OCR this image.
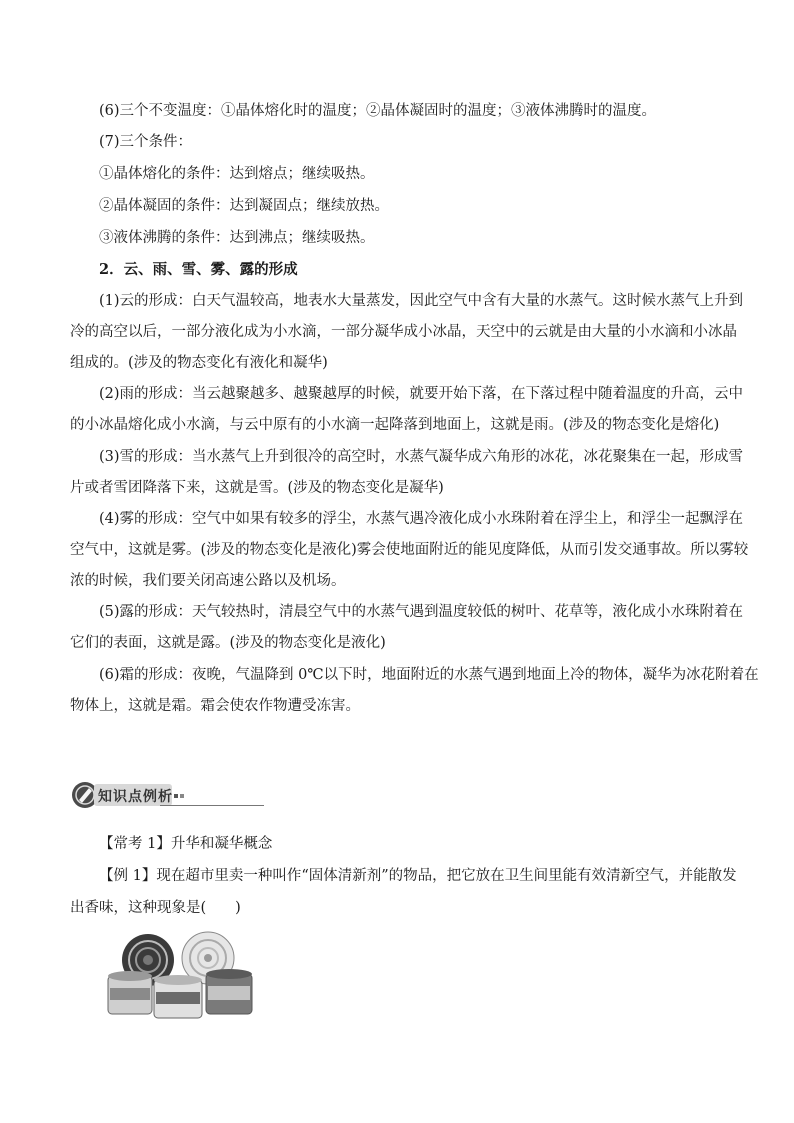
(6)三个不变温度：①晶体熔化时的温度；②晶体凝固时的温度；③液体沸腾时的温度。
(7)三个条件：
①晶体熔化的条件：达到熔点；继续吸热。
②晶体凝固的条件：达到凝固点；继续放热。
③液体沸腾的条件：达到沸点；继续吸热。
2．云、雨、雪、雾、露的形成
(1)云的形成：白天气温较高，地表水大量蒸发，因此空气中含有大量的水蒸气。这时候水蒸气上升到
冷的高空以后，一部分液化成为小水滴，一部分凝华成小冰晶，天空中的云就是由大量的小水滴和小冰晶
组成的。(涉及的物态变化有液化和凝华)
(2)雨的形成：当云越聚越多、越聚越厚的时候，就要开始下落，在下落过程中随着温度的升高，云中
的小冰晶熔化成小水滴，与云中原有的小水滴一起降落到地面上，这就是雨。(涉及的物态变化是熔化)
(3)雪的形成：当水蒸气上升到很冷的高空时，水蒸气凝华成六角形的冰花，冰花聚集在一起，形成雪
片或者雪团降落下来，这就是雪。(涉及的物态变化是凝华)
(4)雾的形成：空气中如果有较多的浮尘，水蒸气遇冷液化成小水珠附着在浮尘上，和浮尘一起飘浮在
空气中，这就是雾。(涉及的物态变化是液化)雾会使地面附近的能见度降低，从而引发交通事故。所以雾较
浓的时候，我们要关闭高速公路以及机场。
(5)露的形成：天气较热时，清晨空气中的水蒸气遇到温度较低的树叶、花草等，液化成小水珠附着在
它们的表面，这就是露。(涉及的物态变化是液化)
(6)霜的形成：夜晚，气温降到 0℃以下时，地面附近的水蒸气遇到地面上冷的物体，凝华为冰花附着在
物体上，这就是霜。霜会使农作物遭受冻害。
知识点例析
【常考 1】升华和凝华概念
【例 1】现在超市里卖一种叫作“固体清新剂”的物品，把它放在卫生间里能有效清新空气，并能散发
出香味，这种现象是(　　)
